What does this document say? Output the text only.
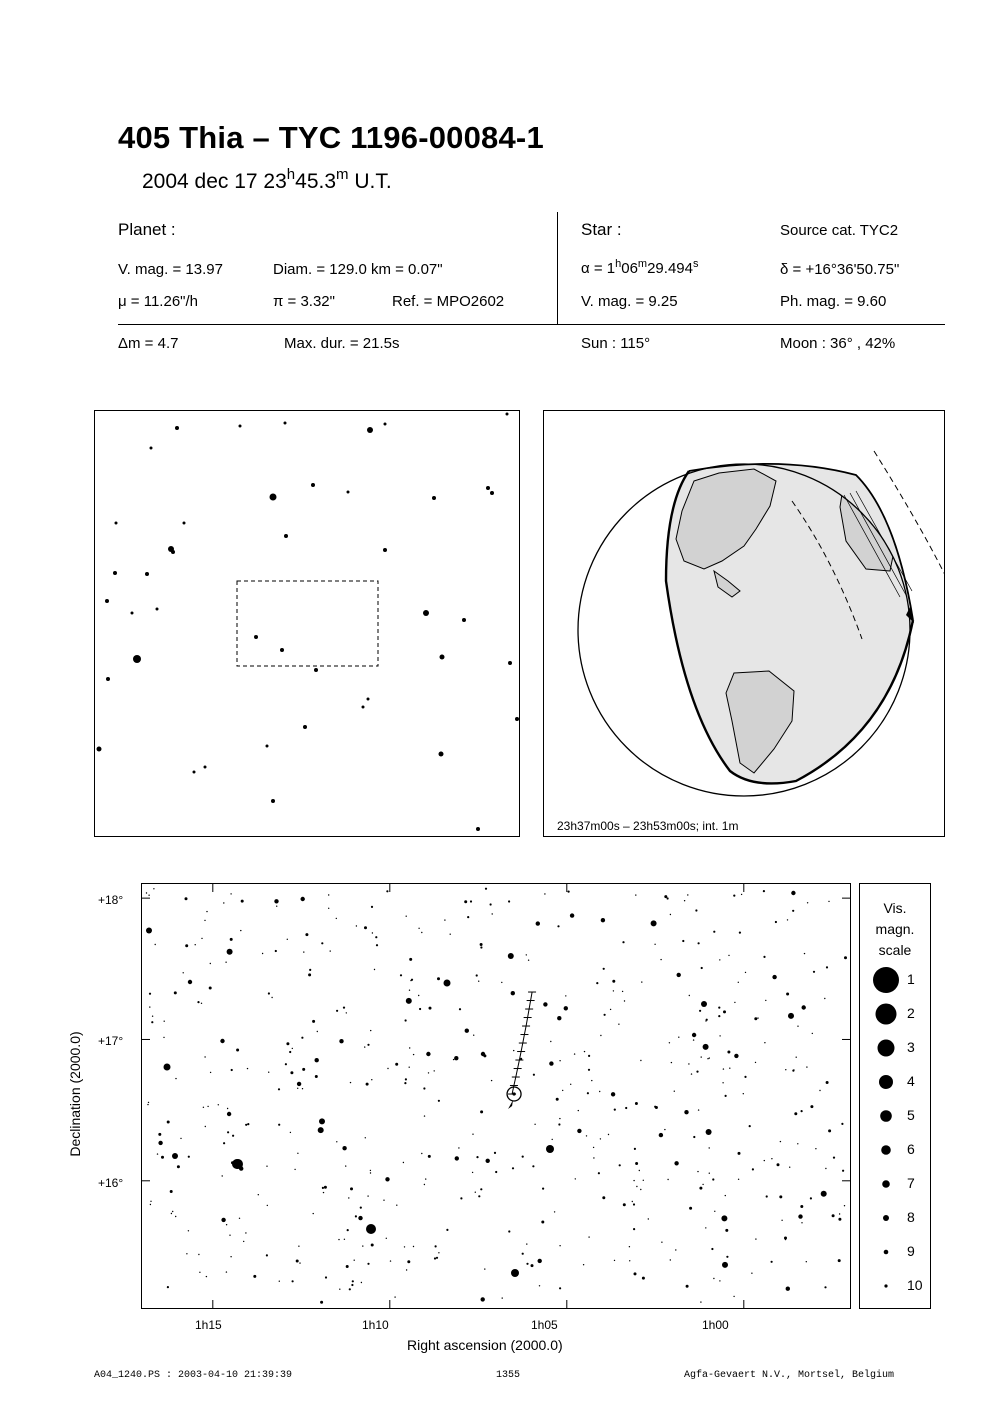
405 Thia – TYC 1196-00084-1
2004 dec 17 23$^h$45.3$^m$ U.T.
Planet :
V. mag. = 13.97	Diam. = 129.0 km = 0.07"
μ = 11.26"/h	π = 3.32"	Ref. = MPO2602
Star :	Source cat. TYC2
$\alpha = 1^h06^m29.494^s$	δ = +16°36'50.75"
V. mag. = 9.25	Ph. mag. = 9.60
Δm = 4.7	Max. dur. = 21.5s	Sun : 115°	Moon : 36° , 42%
23h37m00s – 23h53m00s; int. 1m
Declination (2000.0)
+18°
+17°
+16°
1h15	1h10	1h05	1h00
Right ascension (2000.0)
Vis.
magn.
scale
1
2
3
4
5
6
7
8
9
10
A04_1240.PS : 2003-04-10 21:39:39	1355	Agfa-Gevaert N.V., Mortsel, Belgium
